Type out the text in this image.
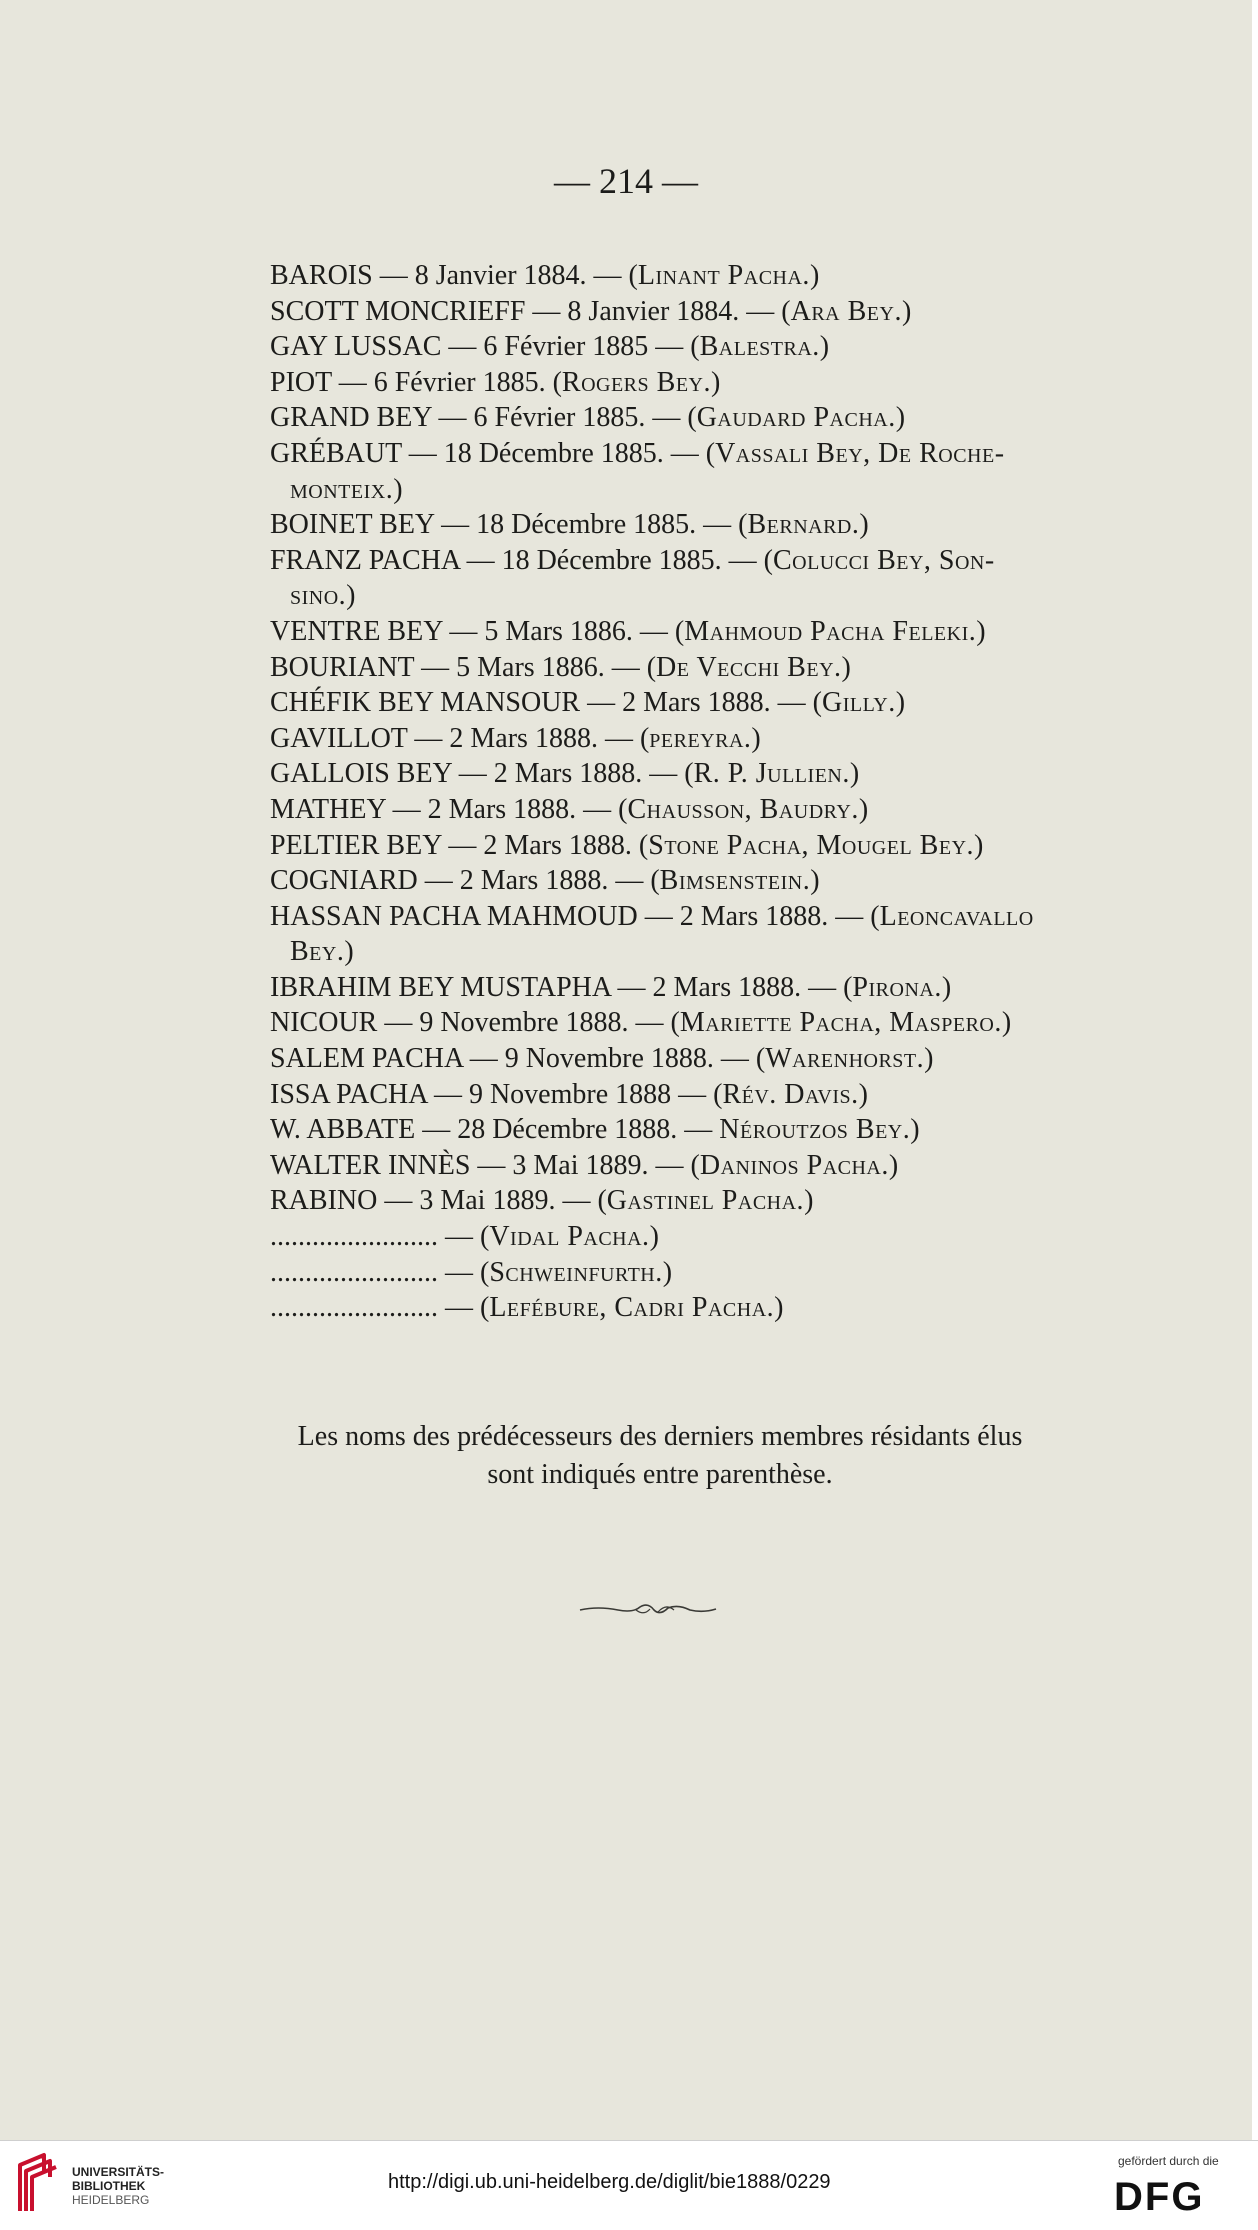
— 214 —
BAROIS — 8 Janvier 1884. — (Linant Pacha.)
SCOTT MONCRIEFF — 8 Janvier 1884. — (Ara Bey.)
GAY LUSSAC — 6 Février 1885 — (Balestra.)
PIOT — 6 Février 1885. (Rogers Bey.)
GRAND BEY — 6 Février 1885. — (Gaudard Pacha.)
GRÉBAUT — 18 Décembre 1885. — (Vassali Bey, De Roche-
monteix.)
BOINET BEY — 18 Décembre 1885. — (Bernard.)
FRANZ PACHA — 18 Décembre 1885. — (Colucci Bey, Son-
sino.)
VENTRE BEY — 5 Mars 1886. — (Mahmoud Pacha Feleki.)
BOURIANT — 5 Mars 1886. — (De Vecchi Bey.)
CHÉFIK BEY MANSOUR — 2 Mars 1888. — (Gilly.)
GAVILLOT — 2 Mars 1888. — (pereyra.)
GALLOIS BEY — 2 Mars 1888. — (R. P. Jullien.)
MATHEY — 2 Mars 1888. — (Chausson, Baudry.)
PELTIER BEY — 2 Mars 1888. (Stone Pacha, Mougel Bey.)
COGNIARD — 2 Mars 1888. — (Bimsenstein.)
HASSAN PACHA MAHMOUD — 2 Mars 1888. — (Leoncavallo
Bey.)
IBRAHIM BEY MUSTAPHA — 2 Mars 1888. — (Pirona.)
NICOUR — 9 Novembre 1888. — (Mariette Pacha, Maspero.)
SALEM PACHA — 9 Novembre 1888. — (Warenhorst.)
ISSA PACHA — 9 Novembre 1888 — (Rév. Davis.)
W. ABBATE — 28 Décembre 1888. — Néroutzos Bey.)
WALTER INNÈS — 3 Mai 1889. — (Daninos Pacha.)
RABINO — 3 Mai 1889. — (Gastinel Pacha.)
........................ — (Vidal Pacha.)
........................ — (Schweinfurth.)
........................ — (Lefébure, Cadri Pacha.)
Les noms des prédécesseurs des derniers membres résidants élus
sont indiqués entre parenthèse.
UNIVERSITÄTS-
BIBLIOTHEK
HEIDELBERG
http://digi.ub.uni-heidelberg.de/diglit/bie1888/0229
gefördert durch die
DFG
